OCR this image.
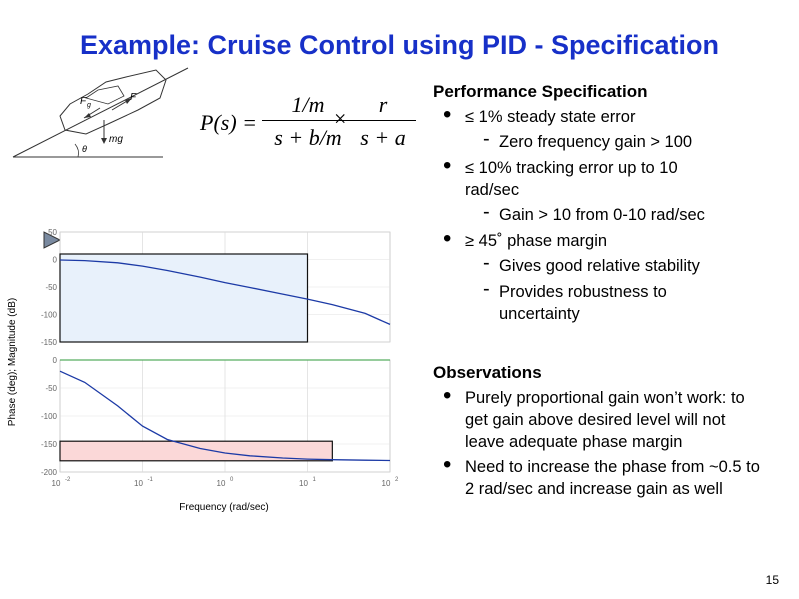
Example: Cruise Control using PID - Specification
F g
F
mg
θ
P(s) =
1/m
s + b/m
×
r
s + a
Phase (deg); Magnitude (dB)
Frequency (rad/sec)
50
0
-50
-100
-150
10 -2	10 -1	10 0	10 1	10 2
0
-50
-100
-150
-200
Performance Specification
• ≤ 1% steady state error
- Zero frequency gain > 100
• ≤ 10% tracking error up to 10 rad/sec
- Gain > 10 from 0-10 rad/sec
• ≥ 45˚ phase margin
- Gives good relative stability
- Provides robustness to uncertainty
Observations
• Purely proportional gain won’t work: to get gain above desired level will not leave adequate phase margin
• Need to increase the phase from ~0.5 to 2 rad/sec and increase gain as well
15
